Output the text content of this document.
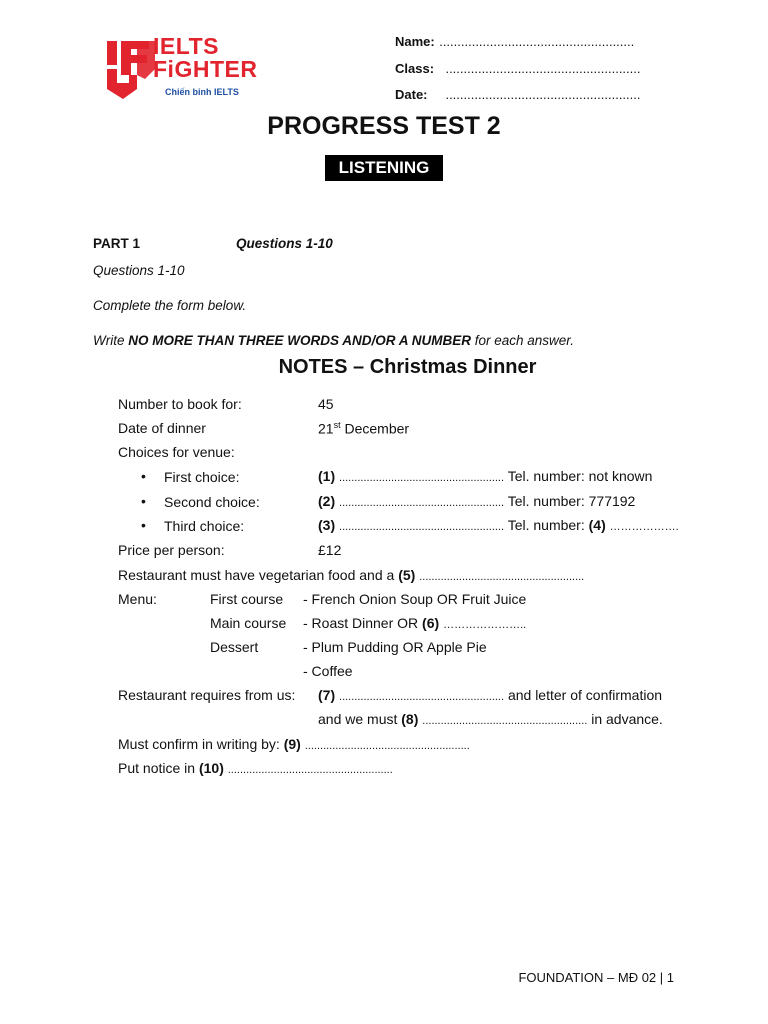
IELTS
FiGHTER
Chiến binh IELTS
Name: ......................................................
Class: ......................................................
Date: ......................................................
PROGRESS TEST 2
LISTENING
PART 1	Questions 1-10
Questions 1-10
Complete the form below.
Write NO MORE THAN THREE WORDS AND/OR A NUMBER for each answer.
NOTES – Christmas Dinner
Number to book for:	45
Date of dinner	21st December
Choices for venue:
• First choice:	(1) ...................................................... Tel. number: not known
• Second choice:	(2) ...................................................... Tel. number: 777192
• Third choice:	(3) ...................................................... Tel. number: (4) ……………….
Price per person:	£12
Restaurant must have vegetarian food and a (5) ......................................................
Menu:	First course - French Onion Soup OR Fruit Juice
Main course - Roast Dinner OR (6) …………………..
Dessert	- Plum Pudding OR Apple Pie
- Coffee
Restaurant requires from us: (7) ...................................................... and letter of confirmation
and we must (8) ...................................................... in advance.
Must confirm in writing by: (9) ......................................................
Put notice in (10) ......................................................
FOUNDATION – MĐ 02 | 1
